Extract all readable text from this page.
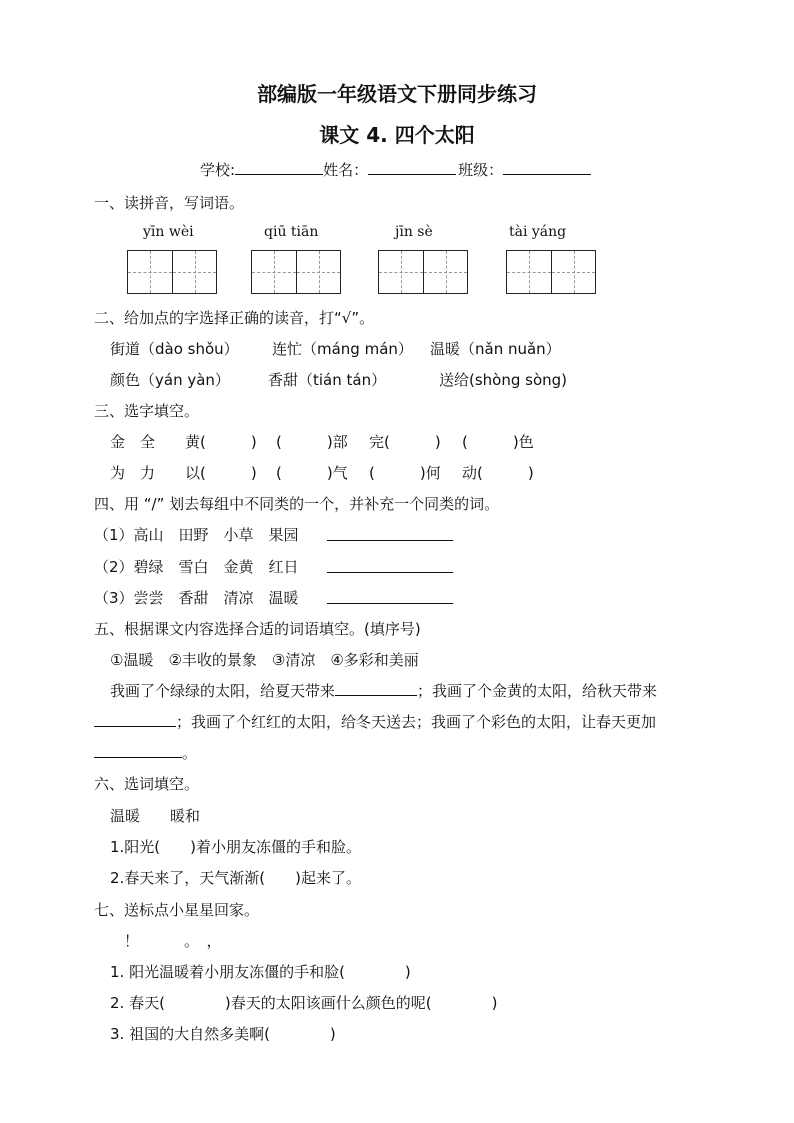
部编版一年级语文下册同步练习
课文 4. 四个太阳
学校:	姓名：	班级：
一、读拼音，写词语。
yīn wèi	qiū tiān	jīn sè	tài yáng
二、给加点的字选择正确的读音，打“√”。
街道（dào shǒu） 连忙（máng mán） 温暖（nǎn nuǎn）
颜色（yán yàn）	香甜（tián tán）	送给(shòng sòng)
三、选字填空。
金　全　　黄(　　　) (　　　)部 完(　　　) (　　　)色
为　力　　以(　　　) (　　　)气 (　　　)何 动(　　　)
四、用 “/” 划去每组中不同类的一个，并补充一个同类的词。
（1）高山　田野　小草　果园
（2）碧绿　雪白　金黄　红日
（3）尝尝　香甜　清凉　温暖
五、根据课文内容选择合适的词语填空。(填序号)
①温暖　②丰收的景象　③清凉　④多彩和美丽
我画了个绿绿的太阳，给夏天带来	；我画了个金黄的太阳，给秋天带来
；我画了个红红的太阳，给冬天送去；我画了个彩色的太阳，让春天更加
。
六、选词填空。
温暖　　暖和
1.阳光(　　)着小朋友冻僵的手和脸。
2.春天来了，天气渐渐(　　)起来了。
七、送标点小星星回家。
！　　　。　，
1. 阳光温暖着小朋友冻僵的手和脸(　　　　)
2. 春天(　　　　)春天的太阳该画什么颜色的呢(　　　　)
3. 祖国的大自然多美啊(　　　　)
